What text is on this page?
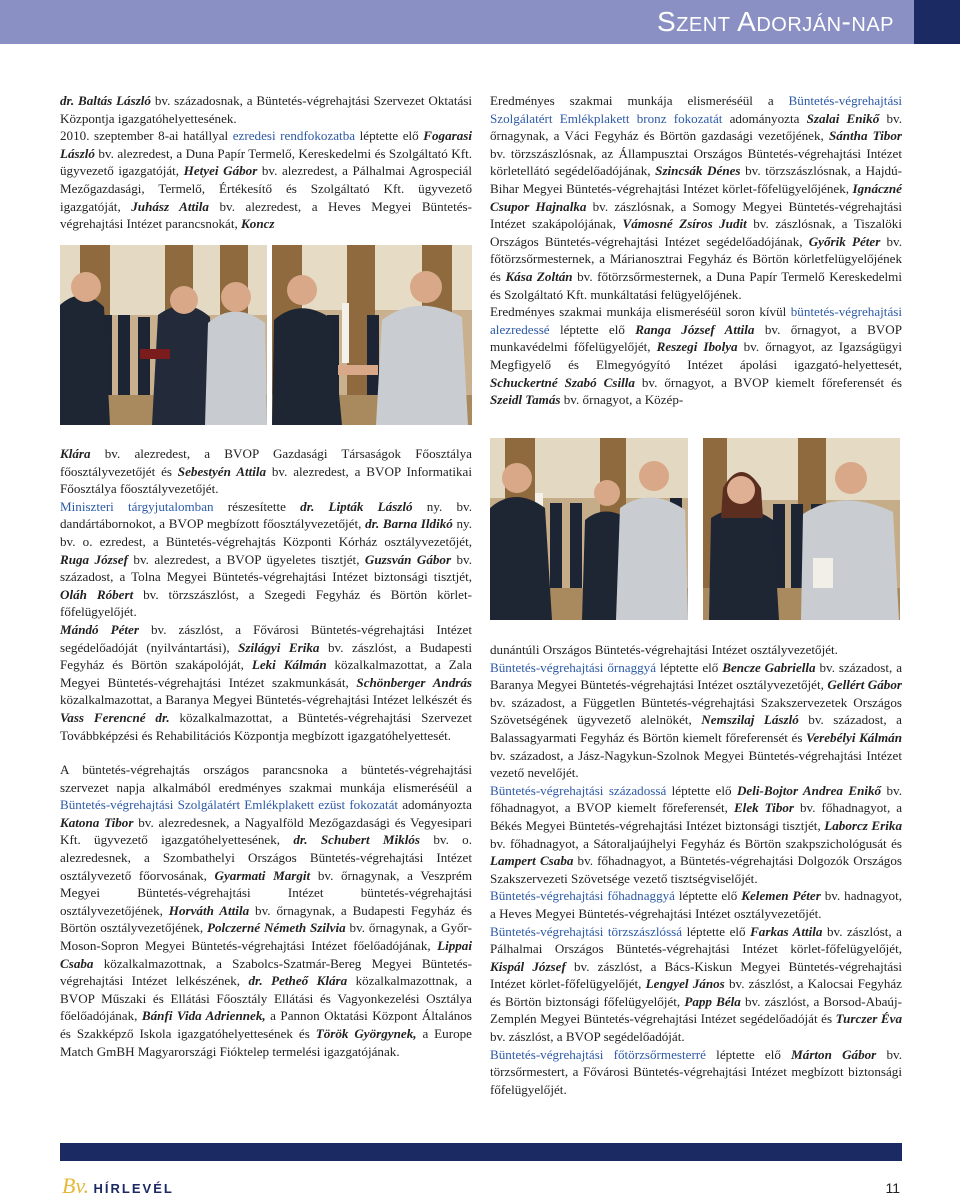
Szent Adorján-nap

dr. Baltás László bv. századosnak, a Büntetés-végrehajtási Szervezet Oktatási Központja igazgatóhelyettesének.

2010. szeptember 8-ai hatállyal ezredesi rendfokozatba léptette elő Fogarasi László bv. alezredest, a Duna Papír Termelő, Kereskedelmi és Szolgáltató Kft. ügyvezető igazgatóját, Hetyei Gábor bv. alezredest, a Pálhalmai Agrospeciál Mezőgazdasági, Termelő, Értékesítő és Szolgáltató Kft. ügyvezető igazgatóját, Juhász Attila bv. alezredest, a Heves Megyei Büntetés-végrehajtási Intézet parancsnokát, Koncz

Klára bv. alezredest, a BVOP Gazdasági Társaságok Főosztálya főosztályvezetőjét és Sebestyén Attila bv. alezredest, a BVOP Informatikai Főosztálya főosztályvezetőjét.

Miniszteri tárgyjutalomban részesítette dr. Lipták László ny. bv. dandártábornokot, a BVOP megbízott főosztályvezetőjét, dr. Barna Ildikó ny. bv. o. ezredest, a Büntetés-végrehajtás Központi Kórház osztályvezetőjét, Ruga József bv. alezredest, a BVOP ügyeletes tisztjét, Guzsván Gábor bv. századost, a Tolna Megyei Büntetés-végrehajtási Intézet biztonsági tisztjét, Oláh Róbert bv. törzszászlóst, a Szegedi Fegyház és Börtön körlet-főfelügyelőjét.

Mándó Péter bv. zászlóst, a Fővárosi Büntetés-végrehajtási Intézet segédelőadóját (nyilvántartási), Szilágyi Erika bv. zászlóst, a Budapesti Fegyház és Börtön szakápolóját, Leki Kálmán közalkalmazottat, a Zala Megyei Büntetés-végrehajtási Intézet szakmunkását, Schönberger András közalkalmazottat, a Baranya Megyei Büntetés-végrehajtási Intézet lelkészét és Vass Ferencné dr. közalkalmazottat, a Büntetés-végrehajtási Szervezet Továbbképzési és Rehabilitációs Központja megbízott igazgatóhelyettesét.

A büntetés-végrehajtás országos parancsnoka a büntetés-végrehajtási szervezet napja alkalmából eredményes szakmai munkája elismeréséül a Büntetés-végrehajtási Szolgálatért Emlékplakett ezüst fokozatát adományozta Katona Tibor bv. alezredesnek, a Nagyalföld Mezőgazdasági és Vegyesipari Kft. ügyvezető igazgatóhelyettesének, dr. Schubert Miklós bv. o. alezredesnek, a Szombathelyi Országos Büntetés-végrehajtási Intézet osztályvezető főorvosának, Gyarmati Margit bv. őrnagynak, a Veszprém Megyei Büntetés-végrehajtási Intézet büntetés-végrehajtási osztályvezetőjének, Horváth Attila bv. őrnagynak, a Budapesti Fegyház és Börtön osztályvezetőjének, Polczerné Németh Szilvia bv. őrnagynak, a Győr-Moson-Sopron Megyei Büntetés-végrehajtási Intézet főelőadójának, Lippai Csaba közalkalmazottnak, a Szabolcs-Szatmár-Bereg Megyei Büntetés-végrehajtási Intézet lelkészének, dr. Petheő Klára közalkalmazottnak, a BVOP Műszaki és Ellátási Főosztály Ellátási és Vagyonkezelési Osztálya főelőadójának, Bánfi Vida Adriennek, a Pannon Oktatási Központ Általános és Szakképző Iskola igazgatóhelyettesének és Török Györgynek, a Europe Match GmBH Magyarországi Fióktelep termelési igazgatójának.

Eredményes szakmai munkája elismeréséül a Büntetés-végrehajtási Szolgálatért Emlékplakett bronz fokozatát adományozta Szalai Enikő bv. őrnagynak, a Váci Fegyház és Börtön gazdasági vezetőjének, Sántha Tibor bv. törzszászlósnak, az Állampusztai Országos Büntetés-végrehajtási Intézet körletellátó segédelőadójának, Szincsák Dénes bv. törzszászlósnak, a Hajdú-Bihar Megyei Büntetés-végrehajtási Intézet körlet-főfelügyelőjének, Ignáczné Csupor Hajnalka bv. zászlósnak, a Somogy Megyei Büntetés-végrehajtási Intézet szakápolójának, Vámosné Zsíros Judit bv. zászlósnak, a Tiszalöki Országos Büntetés-végrehajtási Intézet segédelőadójának, Győrik Péter bv. főtörzsőrmesternek, a Márianosztrai Fegyház és Börtön körletfelügyelőjének és Kása Zoltán bv. főtörzsőrmesternek, a Duna Papír Termelő Kereskedelmi és Szolgáltató Kft. munkáltatási felügyelőjének.

Eredményes szakmai munkája elismeréséül soron kívül büntetés-végrehajtási alezredessé léptette elő Ranga József Attila bv. őrnagyot, a BVOP munkavédelmi főfelügyelőjét, Reszegi Ibolya bv. őrnagyot, az Igazságügyi Megfigyelő és Elmegyógyító Intézet ápolási igazgató-helyettesét, Schuckertné Szabó Csilla bv. őrnagyot, a BVOP kiemelt főreferensét és Szeidl Tamás bv. őrnagyot, a Közép-

dunántúli Országos Büntetés-végrehajtási Intézet osztályvezetőjét.

Büntetés-végrehajtási őrnaggyá léptette elő Bencze Gabriella bv. századost, a Baranya Megyei Büntetés-végrehajtási Intézet osztályvezetőjét, Gellért Gábor bv. századost, a Független Büntetés-végrehajtási Szakszervezetek Országos Szövetségének ügyvezető alelnökét, Nemszilaj László bv. századost, a Balassagyarmati Fegyház és Börtön kiemelt főreferensét és Verebélyi Kálmán bv. századost, a Jász-Nagykun-Szolnok Megyei Büntetés-végrehajtási Intézet vezető nevelőjét.

Büntetés-végrehajtási századossá léptette elő Deli-Bojtor Andrea Enikő bv. főhadnagyot, a BVOP kiemelt főreferensét, Elek Tibor bv. főhadnagyot, a Békés Megyei Büntetés-végrehajtási Intézet biztonsági tisztjét, Laborcz Erika bv. főhadnagyot, a Sátoraljaújhelyi Fegyház és Börtön szakpszichológusát és Lampert Csaba bv. főhadnagyot, a Büntetés-végrehajtási Dolgozók Országos Szakszervezeti Szövetsége vezető tisztségviselőjét.

Büntetés-végrehajtási főhadnaggyá léptette elő Kelemen Péter bv. hadnagyot, a Heves Megyei Büntetés-végrehajtási Intézet osztályvezetőjét.

Büntetés-végrehajtási törzszászlóssá léptette elő Farkas Attila bv. zászlóst, a Pálhalmai Országos Büntetés-végrehajtási Intézet körlet-főfelügyelőjét, Kispál József bv. zászlóst, a Bács-Kiskun Megyei Büntetés-végrehajtási Intézet körlet-főfelügyelőjét, Lengyel János bv. zászlóst, a Kalocsai Fegyház és Börtön biztonsági főfelügyelőjét, Papp Béla bv. zászlóst, a Borsod-Abaúj-Zemplén Megyei Büntetés-végrehajtási Intézet segédelőadóját és Turczer Éva bv. zászlóst, a BVOP segédelőadóját.

Büntetés-végrehajtási főtörzsőrmesterré léptette elő Márton Gábor bv. törzsőrmestert, a Fővárosi Büntetés-végrehajtási Intézet megbízott biztonsági főfelügyelőjét.

Bv. HÍRLEVÉL	11
